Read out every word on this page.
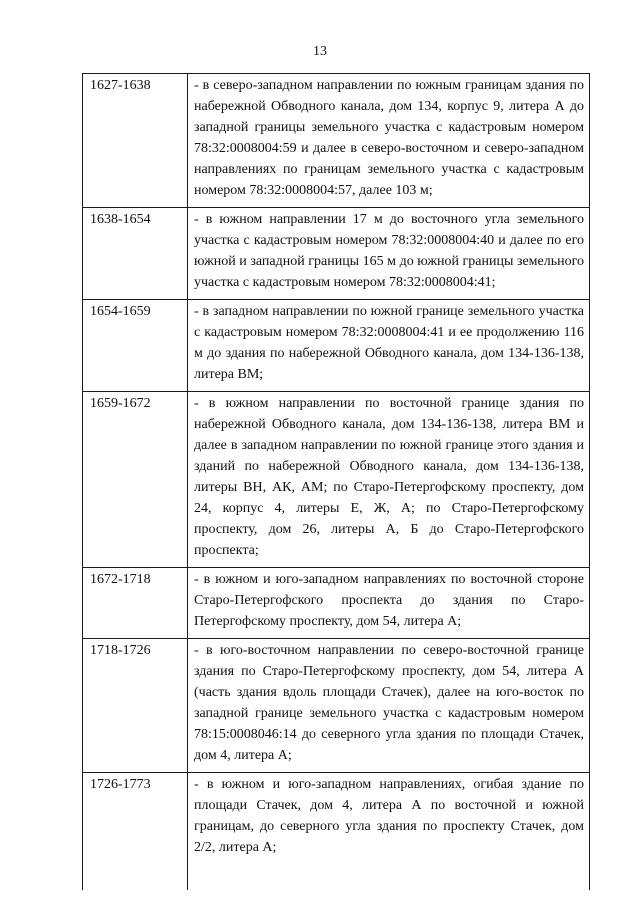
13
1627-1638	- в северо-западном направлении по южным границам здания по набережной Обводного канала, дом 134, корпус 9, литера А до западной границы земельного участка с кадастровым номером 78:32:0008004:59 и далее в северо-восточном и северо-западном направлениях по границам земельного участка с кадастровым номером 78:32:0008004:57, далее 103 м;
1638-1654	- в южном направлении 17 м до восточного угла земельного участка с кадастровым номером 78:32:0008004:40 и далее по его южной и западной границы 165 м до южной границы земельного участка с кадастровым номером 78:32:0008004:41;
1654-1659	- в западном направлении по южной границе земельного участка с кадастровым номером 78:32:0008004:41 и ее продолжению 116 м до здания по набережной Обводного канала, дом 134-136-138, литера ВМ;
1659-1672	- в южном направлении по восточной границе здания по набережной Обводного канала, дом 134-136-138, литера ВМ и далее в западном направлении по южной границе этого здания и зданий по набережной Обводного канала, дом 134-136-138, литеры ВН, АК, АМ; по Старо-Петергофскому проспекту, дом 24, корпус 4, литеры Е, Ж, А; по Старо-Петергофскому проспекту, дом 26, литеры А, Б до Старо-Петергофского проспекта;
1672-1718	- в южном и юго-западном направлениях по восточной стороне Старо-Петергофского проспекта до здания по Старо-Петергофскому проспекту, дом 54, литера А;
1718-1726	- в юго-восточном направлении по северо-восточной границе здания по Старо-Петергофскому проспекту, дом 54, литера А (часть здания вдоль площади Стачек), далее на юго-восток по западной границе земельного участка с кадастровым номером 78:15:0008046:14 до северного угла здания по площади Стачек, дом 4, литера А;
1726-1773	- в южном и юго-западном направлениях, огибая здание по площади Стачек, дом 4, литера А по восточной и южной границам, до северного угла здания по проспекту Стачек, дом 2/2, литера А;
